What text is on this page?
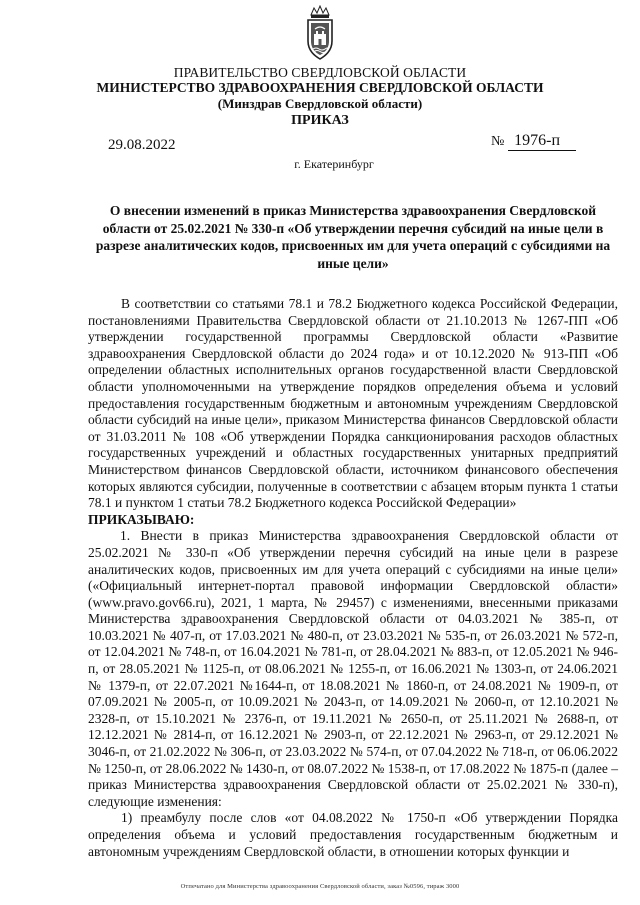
ПРАВИТЕЛЬСТВО СВЕРДЛОВСКОЙ ОБЛАСТИ
МИНИСТЕРСТВО ЗДРАВООХРАНЕНИЯ СВЕРДЛОВСКОЙ ОБЛАСТИ
(Минздрав Свердловской области)
ПРИКАЗ
29.08.2022	№ 1976-п
г. Екатеринбург
О внесении изменений в приказ Министерства здравоохранения Свердловской области от 25.02.2021 № 330-п «Об утверждении перечня субсидий на иные цели в разрезе аналитических кодов, присвоенных им для учета операций с субсидиями на иные цели»

В соответствии со статьями 78.1 и 78.2 Бюджетного кодекса Российской Федерации, постановлениями Правительства Свердловской области от 21.10.2013 № 1267-ПП «Об утверждении государственной программы Свердловской области «Развитие здравоохранения Свердловской области до 2024 года» и от 10.12.2020 № 913-ПП «Об определении областных исполнительных органов государственной власти Свердловской области уполномоченными на утверждение порядков определения объема и условий предоставления государственным бюджетным и автономным учреждениям Свердловской области субсидий на иные цели», приказом Министерства финансов Свердловской области от 31.03.2011 № 108 «Об утверждении Порядка санкционирования расходов областных государственных учреждений и областных государственных унитарных предприятий Министерством финансов Свердловской области, источником финансового обеспечения которых являются субсидии, полученные в соответствии с абзацем вторым пункта 1 статьи 78.1 и пунктом 1 статьи 78.2 Бюджетного кодекса Российской Федерации»

ПРИКАЗЫВАЮ:

1. Внести в приказ Министерства здравоохранения Свердловской области от 25.02.2021 № 330-п «Об утверждении перечня субсидий на иные цели в разрезе аналитических кодов, присвоенных им для учета операций с субсидиями на иные цели» («Официальный интернет-портал правовой информации Свердловской области» (www.pravo.gov66.ru), 2021, 1 марта, № 29457) с изменениями, внесенными приказами Министерства здравоохранения Свердловской области от 04.03.2021 № 385-п, от 10.03.2021 № 407-п, от 17.03.2021 № 480-п, от 23.03.2021 № 535-п, от 26.03.2021 № 572-п, от 12.04.2021 № 748-п, от 16.04.2021 № 781-п, от 28.04.2021 № 883-п, от 12.05.2021 № 946-п, от 28.05.2021 № 1125-п, от 08.06.2021 № 1255-п, от 16.06.2021 № 1303-п, от 24.06.2021 № 1379-п, от 22.07.2021 №1644-п, от 18.08.2021 № 1860-п, от 24.08.2021 № 1909-п, от 07.09.2021 № 2005-п, от 10.09.2021 № 2043-п, от 14.09.2021 № 2060-п, от 12.10.2021 № 2328-п, от 15.10.2021 № 2376-п, от 19.11.2021 № 2650-п, от 25.11.2021 № 2688-п, от 12.12.2021 № 2814-п, от 16.12.2021 № 2903-п, от 22.12.2021 № 2963-п, от 29.12.2021 № 3046-п, от 21.02.2022 № 306-п, от 23.03.2022 № 574-п, от 07.04.2022 № 718-п, от 06.06.2022 № 1250-п, от 28.06.2022 № 1430-п, от 08.07.2022 № 1538-п, от 17.08.2022 № 1875-п (далее – приказ Министерства здравоохранения Свердловской области от 25.02.2021 № 330-п), следующие изменения:

1) преамбулу после слов «от 04.08.2022 № 1750-п «Об утверждении Порядка определения объема и условий предоставления государственным бюджетным и автономным учреждениям Свердловской области, в отношении которых функции и

Отпечатано для Министерства здравоохранения Свердловской области, заказ №0596, тираж 3000
